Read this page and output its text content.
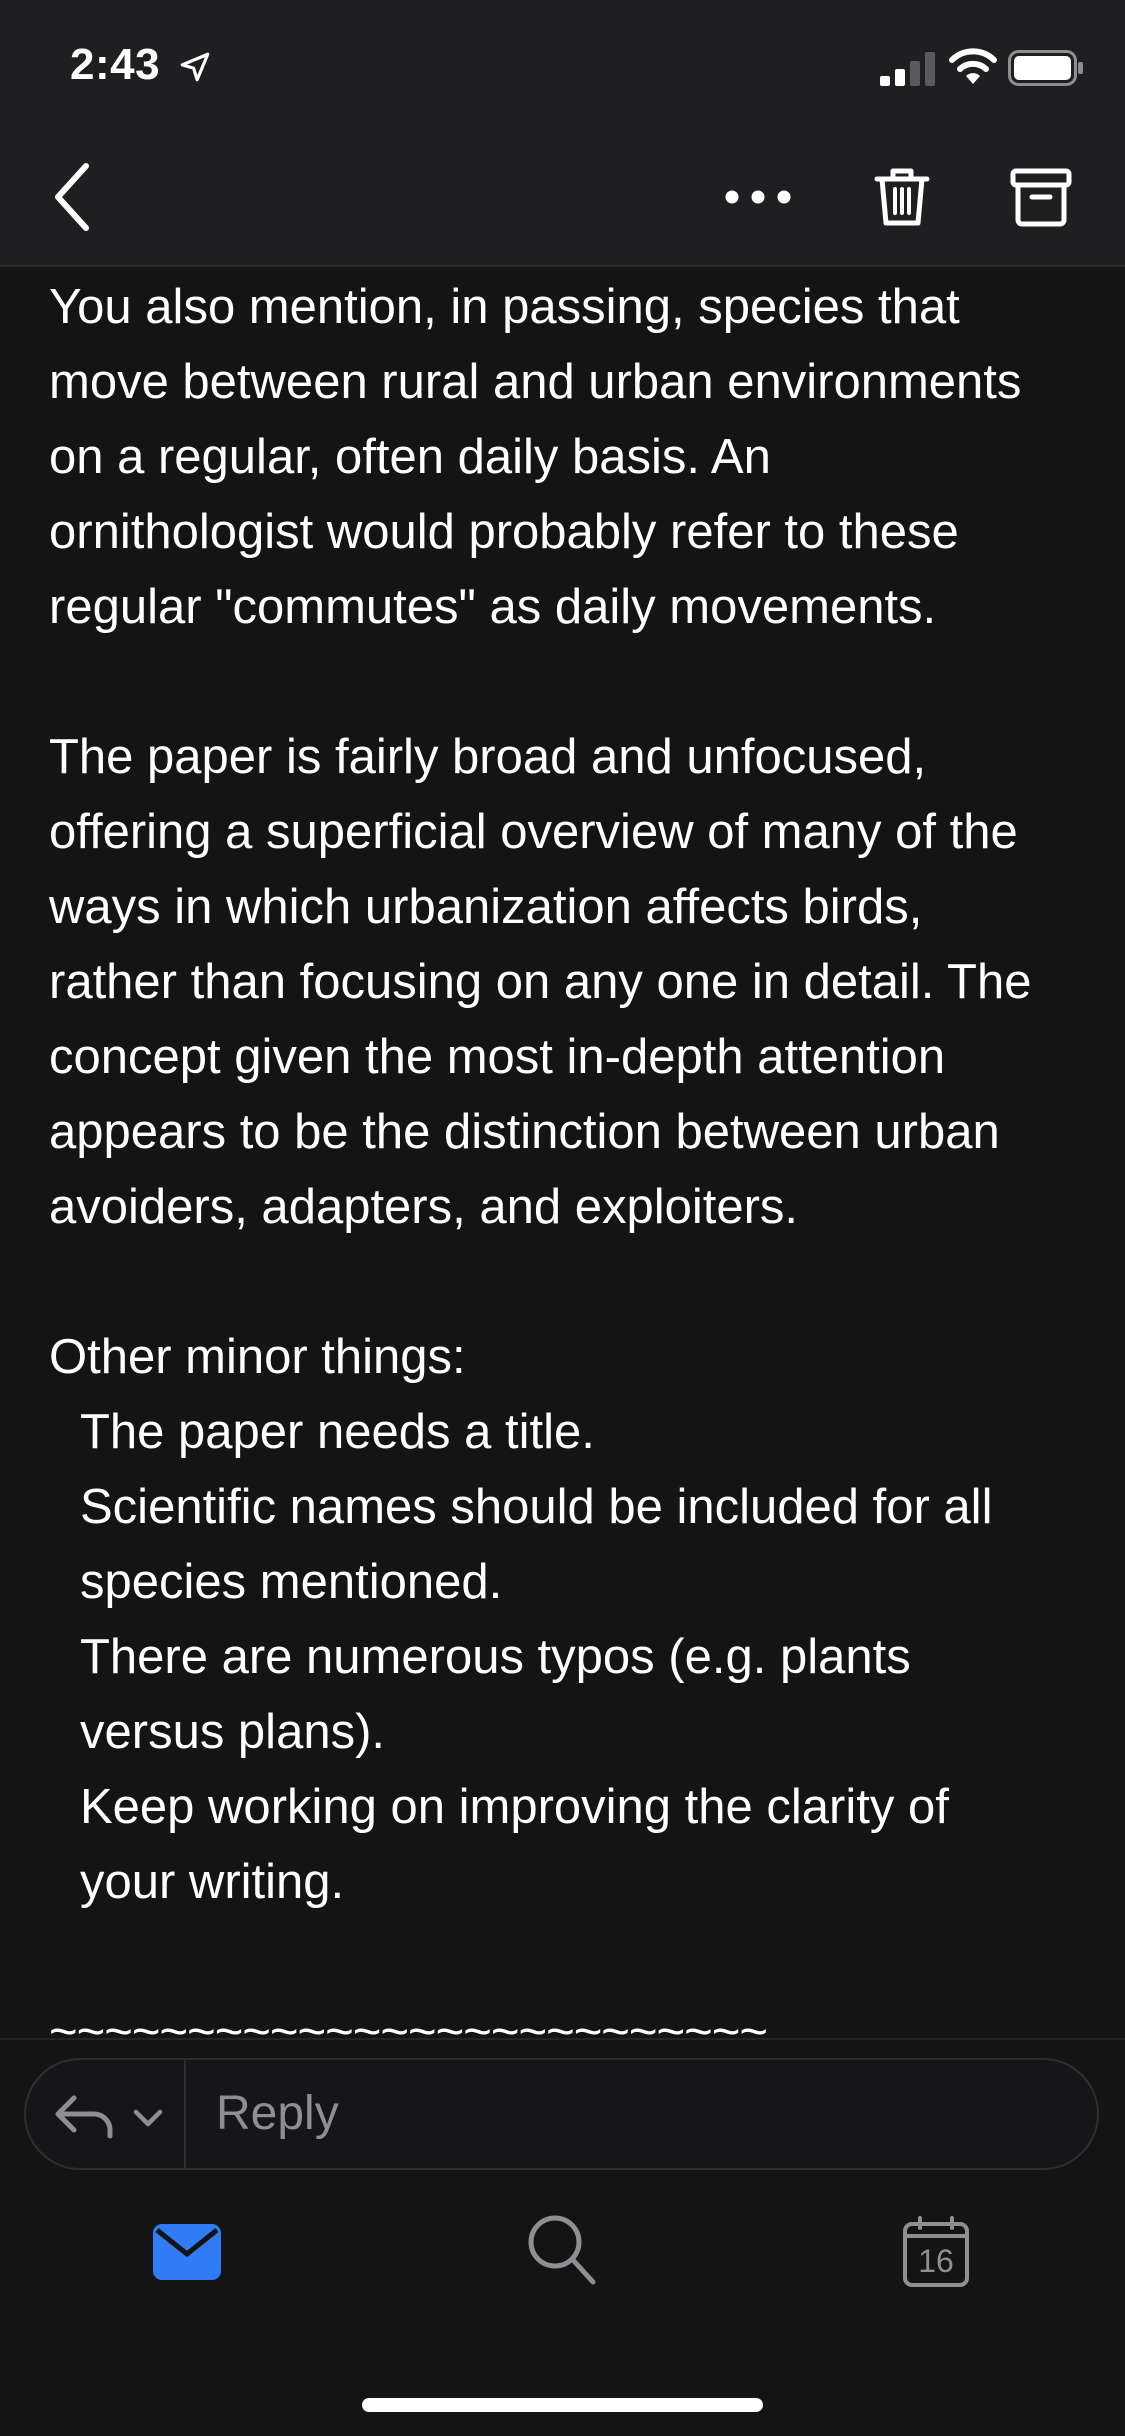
2:43
You also mention, in passing, species that
move between rural and urban environments
on a regular, often daily basis. An
ornithologist would probably refer to these
regular "commutes" as daily movements.
The paper is fairly broad and unfocused,
offering a superficial overview of many of the
ways in which urbanization affects birds,
rather than focusing on any one in detail. The
concept given the most in-depth attention
appears to be the distinction between urban
avoiders, adapters, and exploiters.
Other minor things:
The paper needs a title.
Scientific names should be included for all
species mentioned.
There are numerous typos (e.g. plants
versus plans).
Keep working on improving the clarity of
your writing.
~~~~~~~~~~~~~~~~~~~~~~~~~~
Reply
16
